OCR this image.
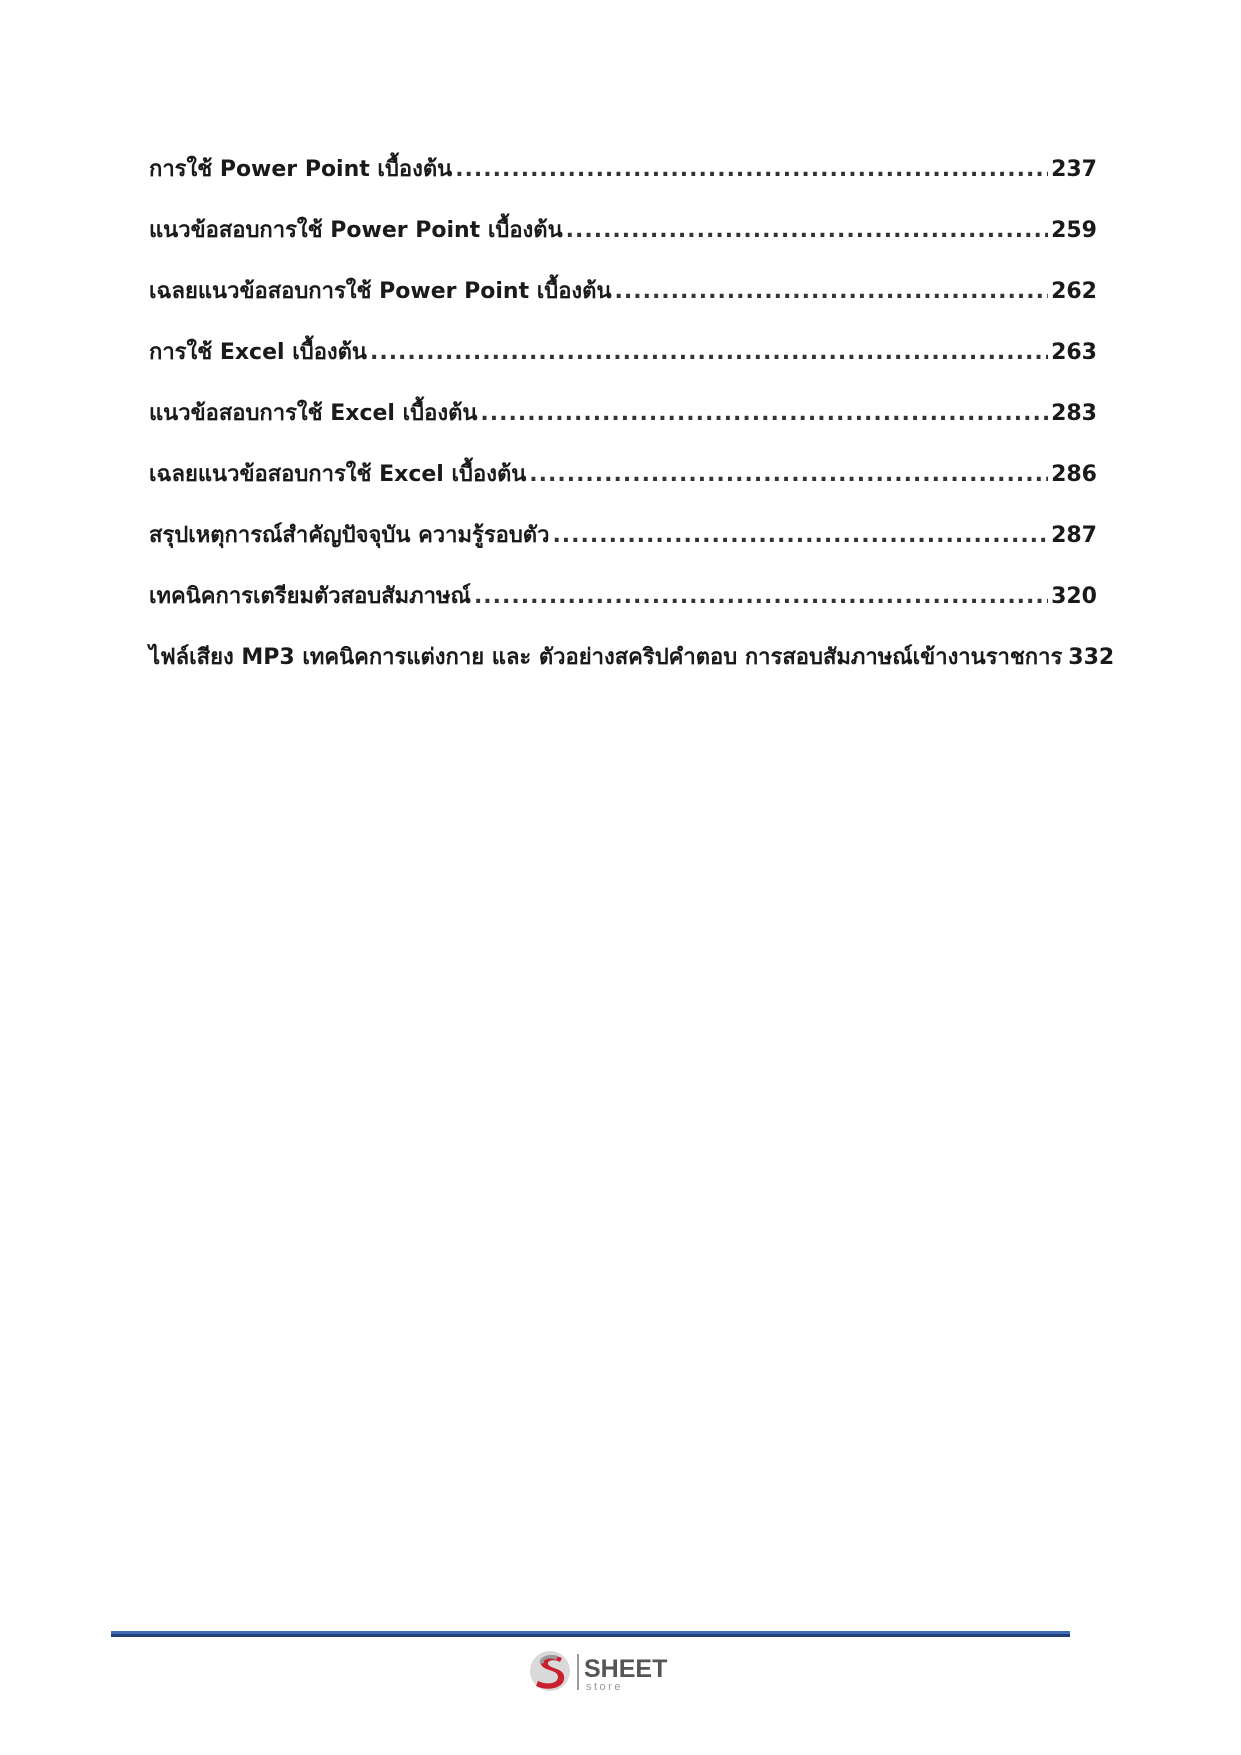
การใช้ Power Point เบื้องต้น .....	237
แนวข้อสอบการใช้ Power Point เบื้องต้น .....	259
เฉลยแนวข้อสอบการใช้ Power Point เบื้องต้น .....	262
การใช้ Excel เบื้องต้น .....	263
แนวข้อสอบการใช้ Excel เบื้องต้น .....	283
เฉลยแนวข้อสอบการใช้ Excel เบื้องต้น .....	286
สรุปเหตุการณ์สำคัญปัจจุบัน ความรู้รอบตัว .....	287
เทคนิคการเตรียมตัวสอบสัมภาษณ์ .....	320
ไฟล์เสียง MP3 เทคนิคการแต่งกาย และ ตัวอย่างสคริปคำตอบ การสอบสัมภาษณ์เข้างานราชการ 332
SHEET
store
